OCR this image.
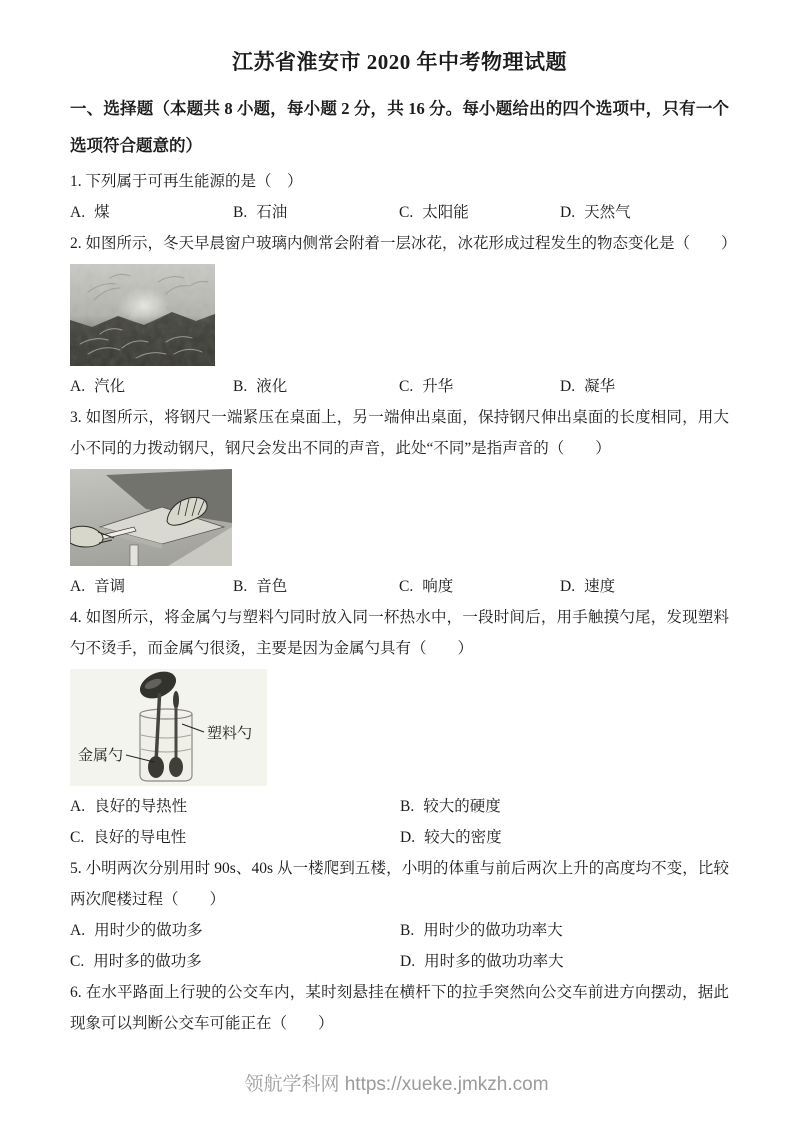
江苏省淮安市 2020 年中考物理试题

一、选择题（本题共 8 小题，每小题 2 分，共 16 分。每小题给出的四个选项中，只有一个选项符合题意的）

1. 下列属于可再生能源的是（　）

A. 煤	B. 石油	C. 太阳能	D. 天然气

2. 如图所示，冬天早晨窗户玻璃内侧常会附着一层冰花，冰花形成过程发生的物态变化是（　　）

A. 汽化	B. 液化	C. 升华	D. 凝华

3. 如图所示，将钢尺一端紧压在桌面上，另一端伸出桌面，保持钢尺伸出桌面的长度相同，用大小不同的力拨动钢尺，钢尺会发出不同的声音，此处“不同”是指声音的（　　）

A. 音调	B. 音色	C. 响度	D. 速度

4. 如图所示，将金属勺与塑料勺同时放入同一杯热水中，一段时间后，用手触摸勺尾，发现塑料勺不烫手，而金属勺很烫，主要是因为金属勺具有（　　）

金属勺
塑料勺
A. 良好的导热性	B. 较大的硬度
C. 良好的导电性	D. 较大的密度

5. 小明两次分别用时 90s、40s 从一楼爬到五楼，小明的体重与前后两次上升的高度均不变，比较两次爬楼过程（　　）

A. 用时少的做功多	B. 用时少的做功功率大
C. 用时多的做功多	D. 用时多的做功功率大

6. 在水平路面上行驶的公交车内，某时刻悬挂在横杆下的拉手突然向公交车前进方向摆动，据此现象可以判断公交车可能正在（　　）

领航学科网 https://xueke.jmkzh.com
